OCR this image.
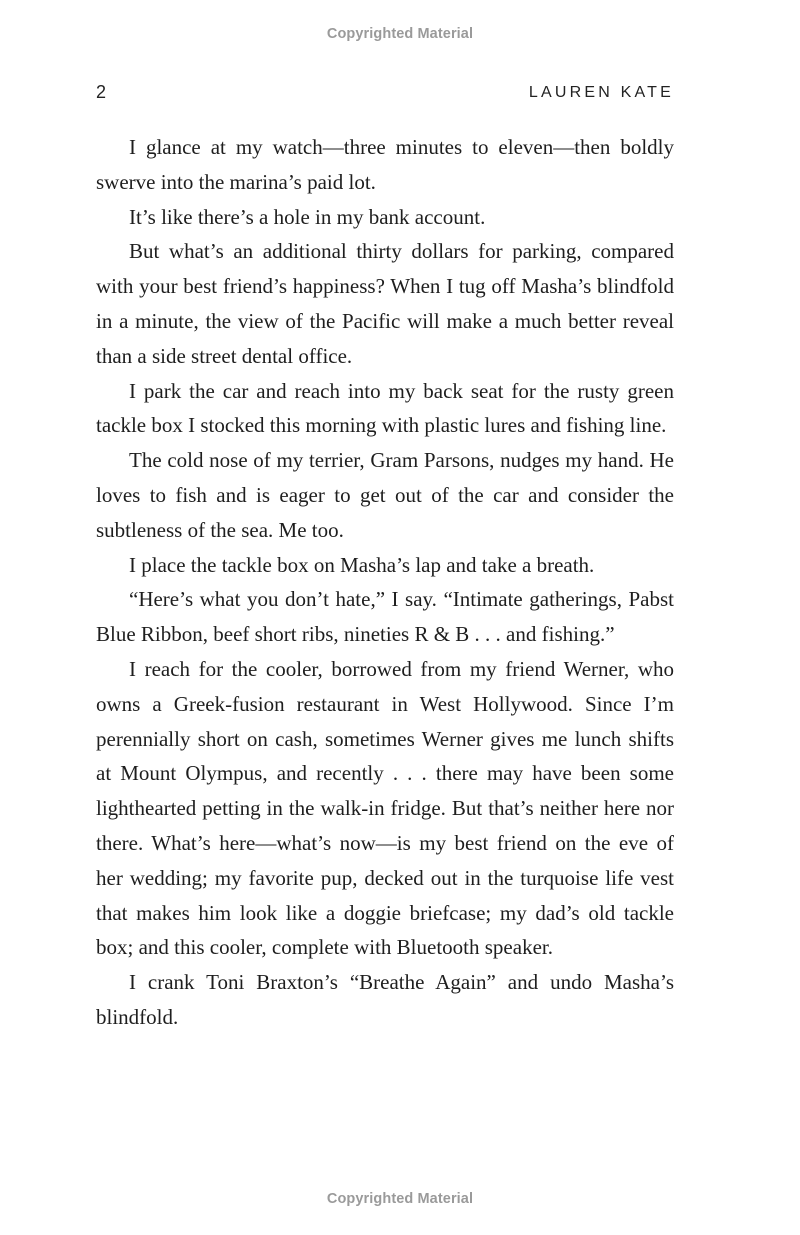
Copyrighted Material
2	LAUREN KATE

I glance at my watch—three minutes to eleven—then boldly swerve into the marina’s paid lot.

It’s like there’s a hole in my bank account.

But what’s an additional thirty dollars for parking, compared with your best friend’s happiness? When I tug off Masha’s blindfold in a minute, the view of the Pacific will make a much better reveal than a side street dental office.

I park the car and reach into my back seat for the rusty green tackle box I stocked this morning with plastic lures and fishing line.

The cold nose of my terrier, Gram Parsons, nudges my hand. He loves to fish and is eager to get out of the car and consider the subtleness of the sea. Me too.

I place the tackle box on Masha’s lap and take a breath.

“Here’s what you don’t hate,” I say. “Intimate gatherings, Pabst Blue Ribbon, beef short ribs, nineties R & B . . . and fishing.”

I reach for the cooler, borrowed from my friend Werner, who owns a Greek-fusion restaurant in West Hollywood. Since I’m perennially short on cash, sometimes Werner gives me lunch shifts at Mount Olympus, and recently . . . there may have been some lighthearted petting in the walk-in fridge. But that’s neither here nor there. What’s here—what’s now—is my best friend on the eve of her wedding; my favorite pup, decked out in the turquoise life vest that makes him look like a doggie briefcase; my dad’s old tackle box; and this cooler, complete with Bluetooth speaker.

I crank Toni Braxton’s “Breathe Again” and undo Masha’s blindfold.

Copyrighted Material
